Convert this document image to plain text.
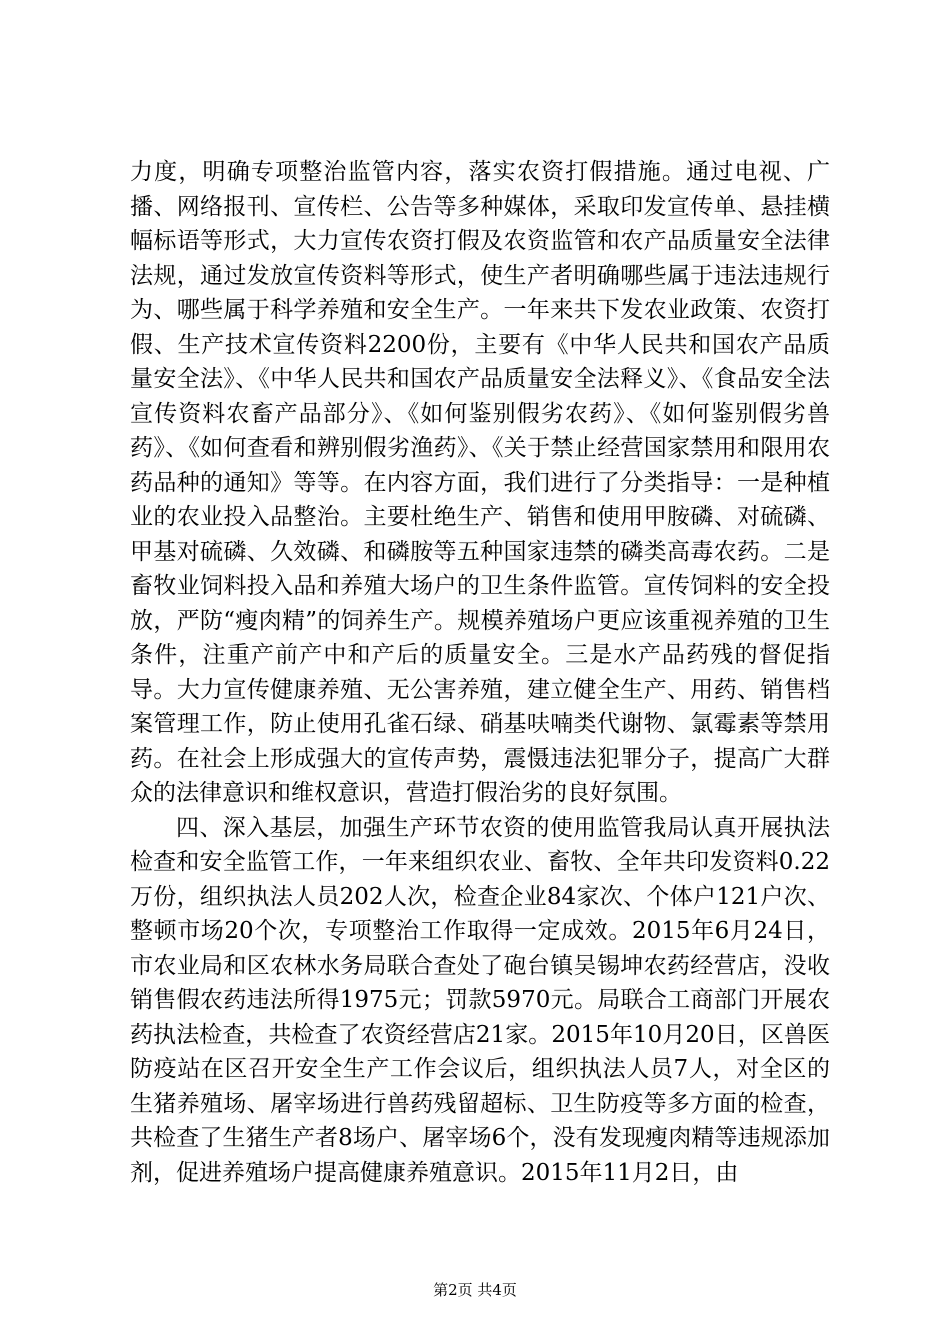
力度，明确专项整治监管内容，落实农资打假措施。通过电视、广播、网络报刊、宣传栏、公告等多种媒体，采取印发宣传单、悬挂横幅标语等形式，大力宣传农资打假及农资监管和农产品质量安全法律法规，通过发放宣传资料等形式，使生产者明确哪些属于违法违规行为、哪些属于科学养殖和安全生产。一年来共下发农业政策、农资打假、生产技术宣传资料2200份，主要有《中华人民共和国农产品质量安全法》、《中华人民共和国农产品质量安全法释义》、《食品安全法宣传资料农畜产品部分》、《如何鉴别假劣农药》、《如何鉴别假劣兽药》、《如何查看和辨别假劣渔药》、《关于禁止经营国家禁用和限用农药品种的通知》等等。在内容方面，我们进行了分类指导：一是种植业的农业投入品整治。主要杜绝生产、销售和使用甲胺磷、对硫磷、甲基对硫磷、久效磷、和磷胺等五种国家违禁的磷类高毒农药。二是畜牧业饲料投入品和养殖大场户的卫生条件监管。宣传饲料的安全投放，严防“瘦肉精”的饲养生产。规模养殖场户更应该重视养殖的卫生条件，注重产前产中和产后的质量安全。三是水产品药残的督促指导。大力宣传健康养殖、无公害养殖，建立健全生产、用药、销售档案管理工作，防止使用孔雀石绿、硝基呋喃类代谢物、氯霉素等禁用药。在社会上形成强大的宣传声势，震慑违法犯罪分子，提高广大群众的法律意识和维权意识，营造打假治劣的良好氛围。

四、深入基层，加强生产环节农资的使用监管我局认真开展执法检查和安全监管工作，一年来组织农业、畜牧、全年共印发资料0.22万份，组织执法人员202人次，检查企业84家次、个体户121户次、整顿市场20个次，专项整治工作取得一定成效。2015年6月24日，市农业局和区农林水务局联合查处了砲台镇吴锡坤农药经营店，没收销售假农药违法所得1975元；罚款5970元。局联合工商部门开展农药执法检查，共检查了农资经营店21家。2015年10月20日，区兽医防疫站在区召开安全生产工作会议后，组织执法人员7人，对全区的生猪养殖场、屠宰场进行兽药残留超标、卫生防疫等多方面的检查，共检查了生猪生产者8场户、屠宰场6个，没有发现瘦肉精等违规添加剂，促进养殖场户提高健康养殖意识。2015年11月2日，由

第2页 共4页
